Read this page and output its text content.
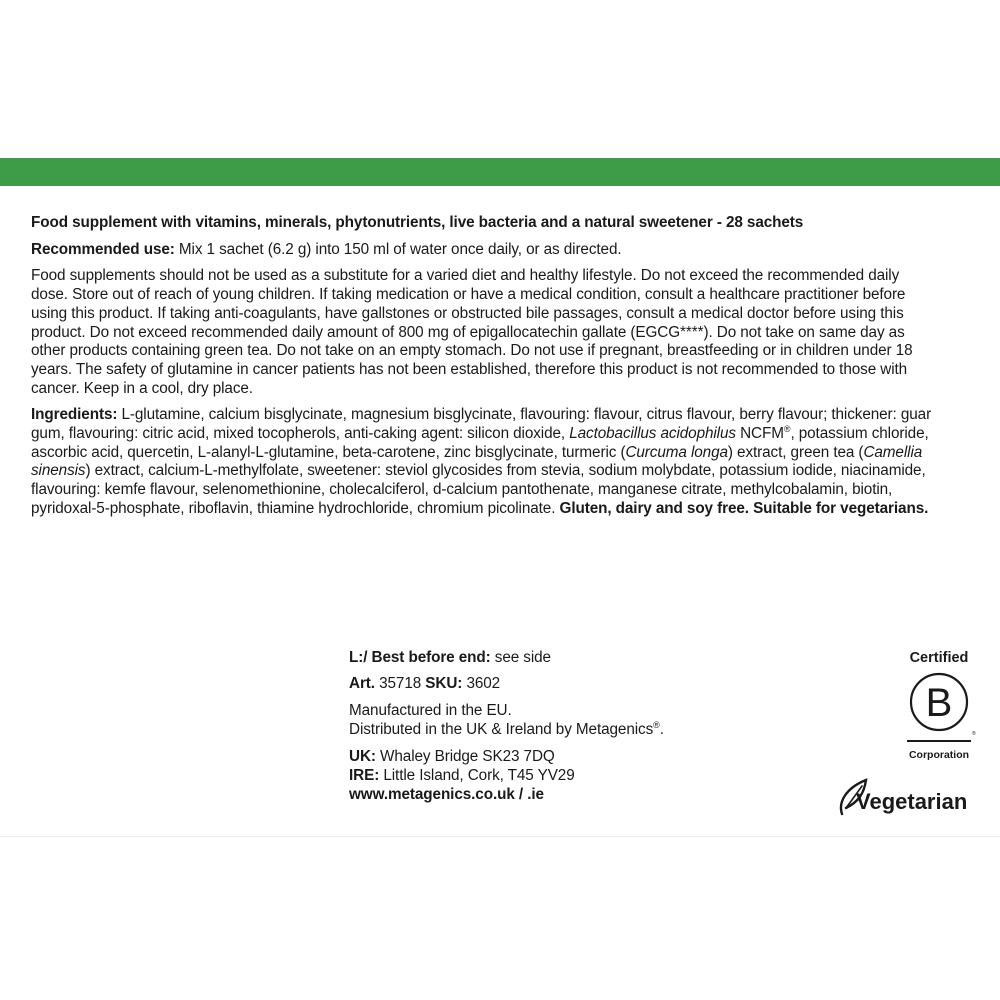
Food supplement with vitamins, minerals, phytonutrients, live bacteria and a natural sweetener - 28 sachets

Recommended use: Mix 1 sachet (6.2 g) into 150 ml of water once daily, or as directed.

Food supplements should not be used as a substitute for a varied diet and healthy lifestyle. Do not exceed the recommended daily dose. Store out of reach of young children. If taking medication or have a medical condition, consult a healthcare practitioner before using this product. If taking anti-coagulants, have gallstones or obstructed bile passages, consult a medical doctor before using this product. Do not exceed recommended daily amount of 800 mg of epigallocatechin gallate (EGCG****). Do not take on same day as other products containing green tea. Do not take on an empty stomach. Do not use if pregnant, breastfeeding or in children under 18 years. The safety of glutamine in cancer patients has not been established, therefore this product is not recommended to those with cancer. Keep in a cool, dry place.

Ingredients: L-glutamine, calcium bisglycinate, magnesium bisglycinate, flavouring: flavour, citrus flavour, berry flavour; thickener: guar gum, flavouring: citric acid, mixed tocopherols, anti-caking agent: silicon dioxide, Lactobacillus acidophilus NCFM®, potassium chloride, ascorbic acid, quercetin, L-alanyl-L-glutamine, beta-carotene, zinc bisglycinate, turmeric (Curcuma longa) extract, green tea (Camellia sinensis) extract, calcium-L-methylfolate, sweetener: steviol glycosides from stevia, sodium molybdate, potassium iodide, niacinamide, flavouring: kemfe flavour, selenomethionine, cholecalciferol, d-calcium pantothenate, manganese citrate, methylcobalamin, biotin, pyridoxal-5-phosphate, riboflavin, thiamine hydrochloride, chromium picolinate. Gluten, dairy and soy free. Suitable for vegetarians.

L:/ Best before end: see side

Art. 35718 SKU: 3602

Manufactured in the EU.
Distributed in the UK & Ireland by Metagenics®.

UK: Whaley Bridge SK23 7DQ
IRE: Little Island, Cork, T45 YV29
www.metagenics.co.uk / .ie

Certified
B
®
Corporation
Vegetarian
